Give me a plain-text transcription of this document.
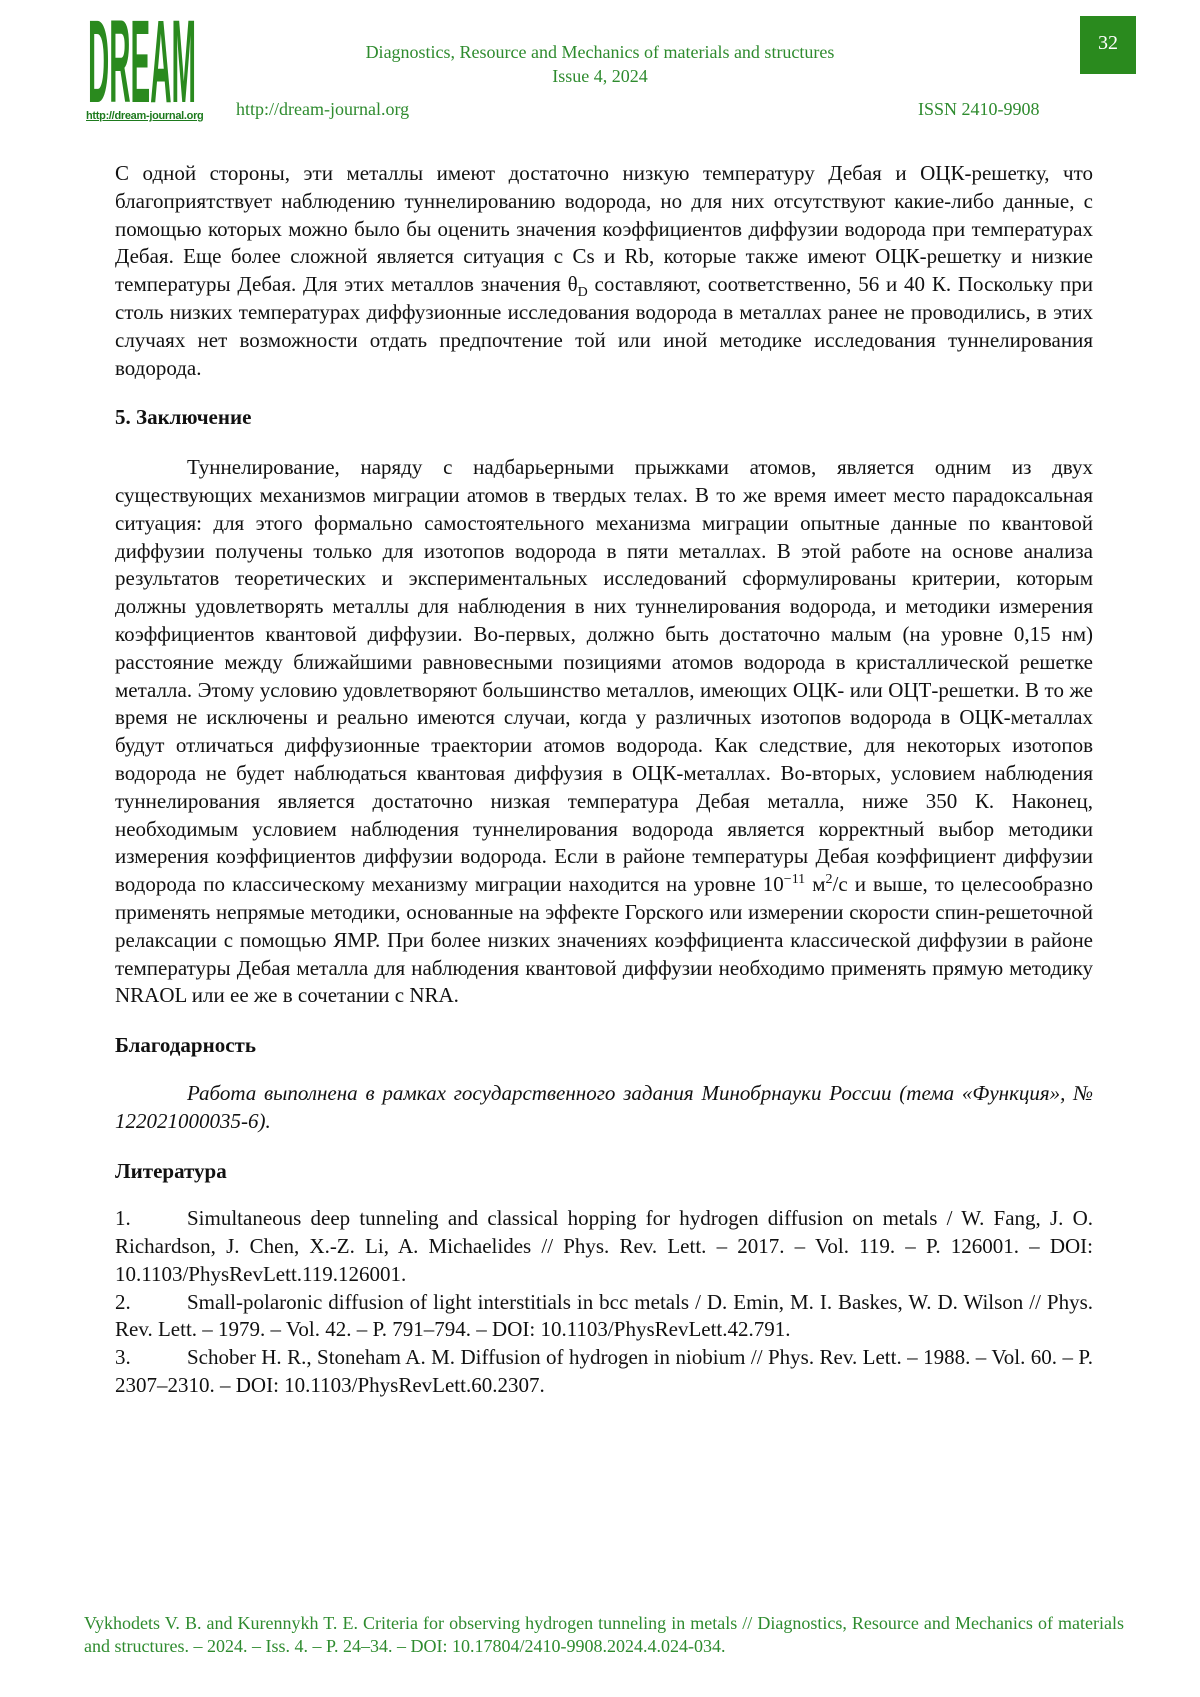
DREAM
http://dream-journal.org
Diagnostics, Resource and Mechanics of materials and structures
Issue 4, 2024
32
http://dream-journal.org	ISSN 2410-9908

С одной стороны, эти металлы имеют достаточно низкую температуру Дебая и ОЦК-решетку, что благоприятствует наблюдению туннелированию водорода, но для них отсутствуют какие-либо данные, с помощью которых можно было бы оценить значения коэффициентов диффузии водорода при температурах Дебая. Еще более сложной является ситуация с Cs и Rb, которые также имеют ОЦК-решетку и низкие температуры Дебая. Для этих металлов значения $\theta_D$ составляют, соответственно, 56 и 40 К. Поскольку при столь низких температурах диффузионные исследования водорода в металлах ранее не проводились, в этих случаях нет возможности отдать предпочтение той или иной методике исследования туннелирования водорода.

5. Заключение

Туннелирование, наряду с надбарьерными прыжками атомов, является одним из двух существующих механизмов миграции атомов в твердых телах. В то же время имеет место парадоксальная ситуация: для этого формально самостоятельного механизма миграции опытные данные по квантовой диффузии получены только для изотопов водорода в пяти металлах. В этой работе на основе анализа результатов теоретических и экспериментальных исследований сформулированы критерии, которым должны удовлетворять металлы для наблюдения в них туннелирования водорода, и методики измерения коэффициентов квантовой диффузии. Во-первых, должно быть достаточно малым (на уровне 0,15 нм) расстояние между ближайшими равновесными позициями атомов водорода в кристаллической решетке металла. Этому условию удовлетворяют большинство металлов, имеющих ОЦК- или ОЦТ-решетки. В то же время не исключены и реально имеются случаи, когда у различных изотопов водорода в ОЦК-металлах будут отличаться диффузионные траектории атомов водорода. Как следствие, для некоторых изотопов водорода не будет наблюдаться квантовая диффузия в ОЦК-металлах. Во-вторых, условием наблюдения туннелирования является достаточно низкая температура Дебая металла, ниже 350 К. Наконец, необходимым условием наблюдения туннелирования водорода является корректный выбор методики измерения коэффициентов диффузии водорода. Если в районе температуры Дебая коэффициент диффузии водорода по классическому механизму миграции находится на уровне $10^{-11}$ $м^2/с$ и выше, то целесообразно применять непрямые методики, основанные на эффекте Горского или измерении скорости спин-решеточной релаксации с помощью ЯМР. При более низких значениях коэффициента классической диффузии в районе температуры Дебая металла для наблюдения квантовой диффузии необходимо применять прямую методику NRAOL или ее же в сочетании с NRA.

Благодарность

Работа выполнена в рамках государственного задания Минобрнауки России (тема «Функция», № 122021000035-6).

Литература

1.	Simultaneous deep tunneling and classical hopping for hydrogen diffusion on metals / W. Fang, J. O. Richardson, J. Chen, X.-Z. Li, A. Michaelides // Phys. Rev. Lett. – 2017. – Vol. 119. – P. 126001. – DOI: 10.1103/PhysRevLett.119.126001.

2.	Small-polaronic diffusion of light interstitials in bcc metals / D. Emin, M. I. Baskes, W. D. Wilson // Phys. Rev. Lett. – 1979. – Vol. 42. – P. 791–794. – DOI: 10.1103/PhysRevLett.42.791.

3.	Schober H. R., Stoneham A. M. Diffusion of hydrogen in niobium // Phys. Rev. Lett. – 1988. – Vol. 60. – P. 2307–2310. – DOI: 10.1103/PhysRevLett.60.2307.

Vykhodets V. B. and Kurennykh T. E. Criteria for observing hydrogen tunneling in metals // Diagnostics, Resource and Mechanics of materials and structures. – 2024. – Iss. 4. – P. 24–34. – DOI: 10.17804/2410-9908.2024.4.024-034.
